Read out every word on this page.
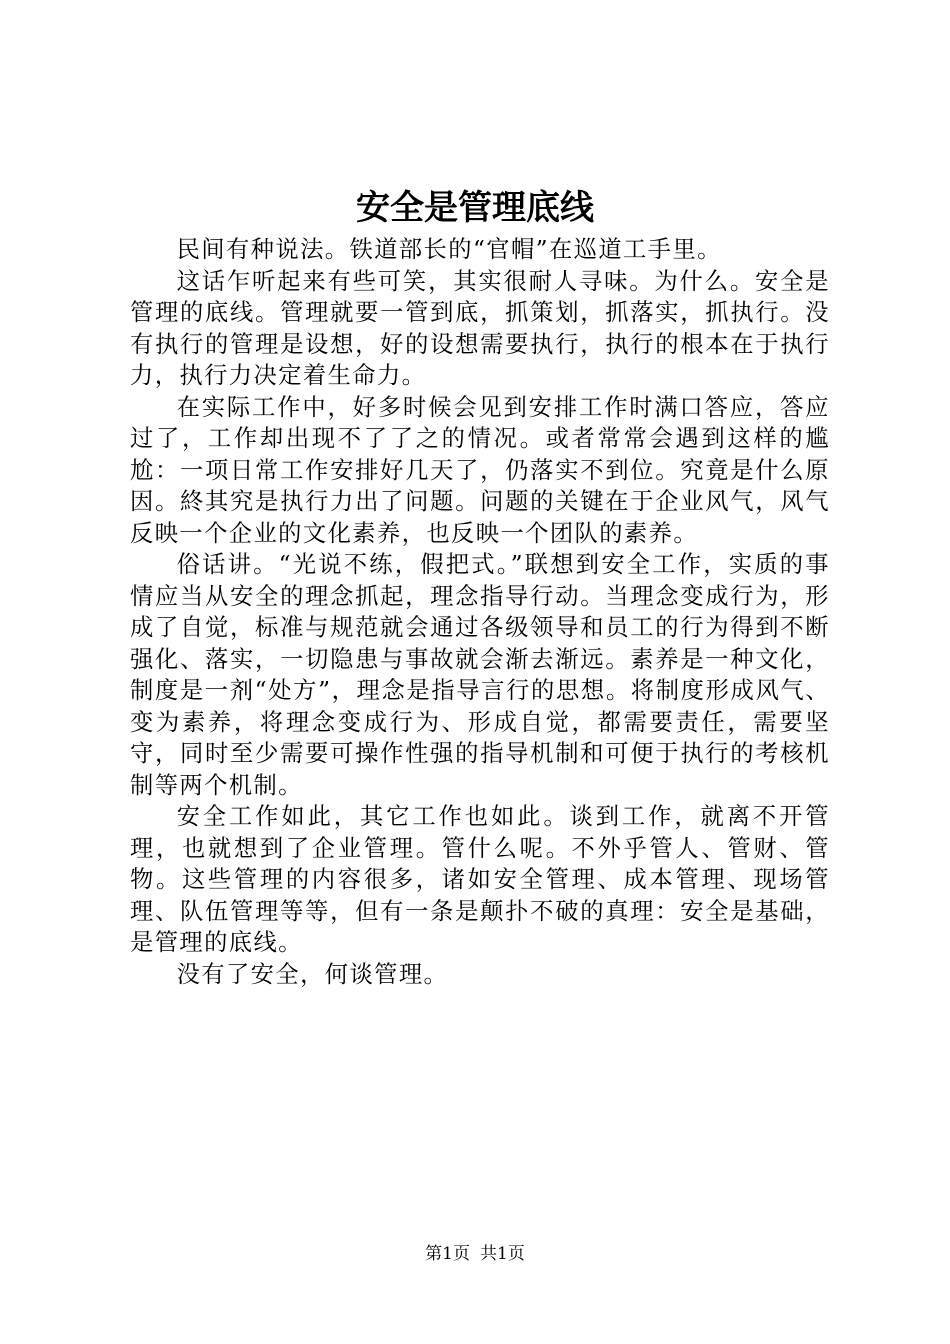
安全是管理底线

民间有种说法。铁道部长的“官帽”在巡道工手里。

这话乍听起来有些可笑，其实很耐人寻味。为什么。安全是管理的底线。管理就要一管到底，抓策划，抓落实，抓执行。没有执行的管理是设想，好的设想需要执行，执行的根本在于执行力，执行力决定着生命力。

在实际工作中，好多时候会见到安排工作时满口答应，答应过了，工作却出现不了了之的情况。或者常常会遇到这样的尴尬：一项日常工作安排好几天了，仍落实不到位。究竟是什么原因。終其究是执行力出了问题。问题的关键在于企业风气，风气反映一个企业的文化素养，也反映一个团队的素养。

俗话讲。“光说不练，假把式。”联想到安全工作，实质的事情应当从安全的理念抓起，理念指导行动。当理念变成行为，形成了自觉，标准与规范就会通过各级领导和员工的行为得到不断强化、落实，一切隐患与事故就会渐去渐远。素养是一种文化，制度是一剂“处方”，理念是指导言行的思想。将制度形成风气、变为素养，将理念变成行为、形成自觉，都需要责任，需要坚守，同时至少需要可操作性强的指导机制和可便于执行的考核机制等两个机制。

安全工作如此，其它工作也如此。谈到工作，就离不开管理，也就想到了企业管理。管什么呢。不外乎管人、管财、管物。这些管理的内容很多，诸如安全管理、成本管理、现场管理、队伍管理等等，但有一条是颠扑不破的真理：安全是基础，是管理的底线。

没有了安全，何谈管理。

第1页 共1页
